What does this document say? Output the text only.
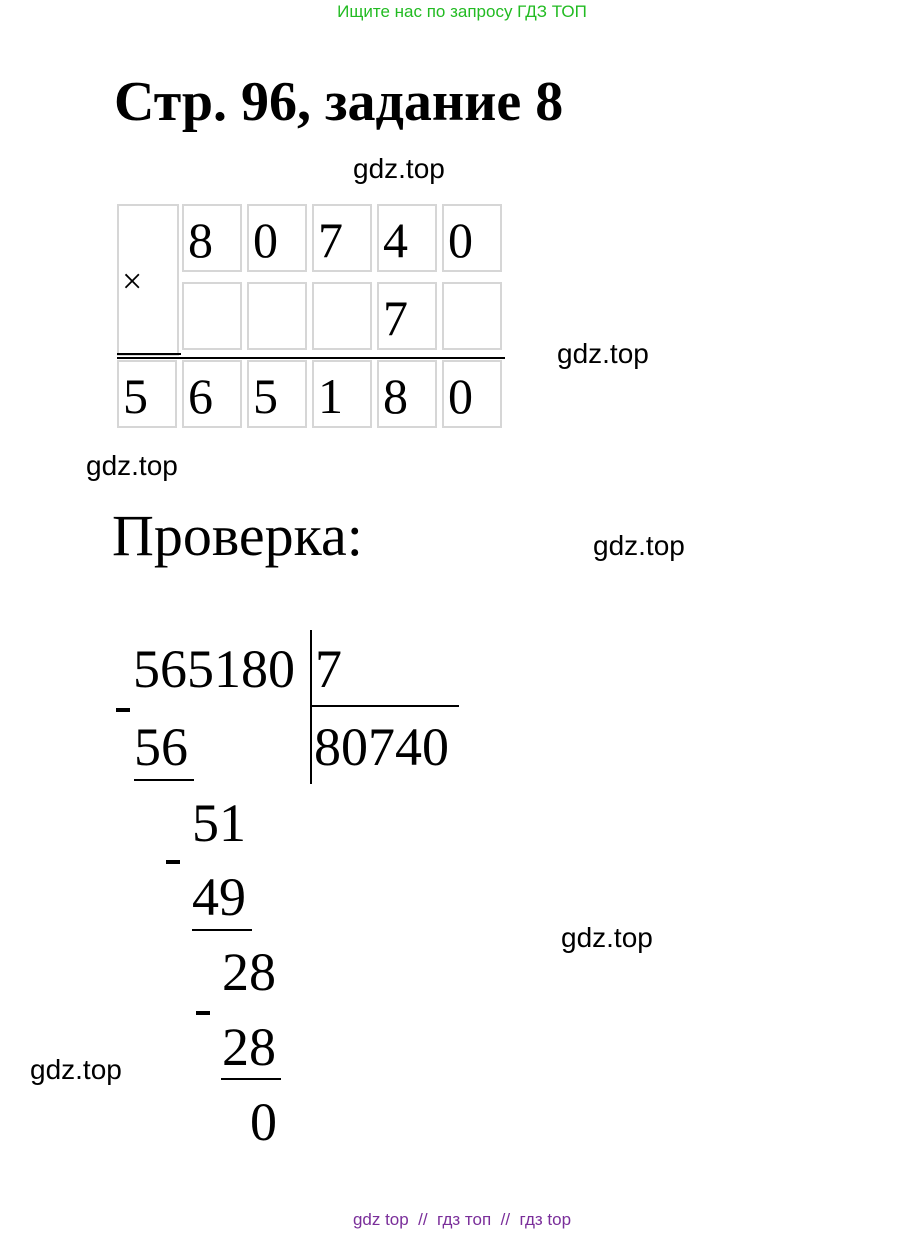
Ищите нас по запросу ГДЗ ТОП
Стр. 96, задание 8
gdz.top
gdz.top
gdz.top
gdz.top
gdz.top
gdz.top
×
8 0 7 4 0
7
5 6 5 1 8 0
Проверка:
565180 7
80740
56
51
49
28
28
0
gdz top  //  гдз топ  //  гдз top
